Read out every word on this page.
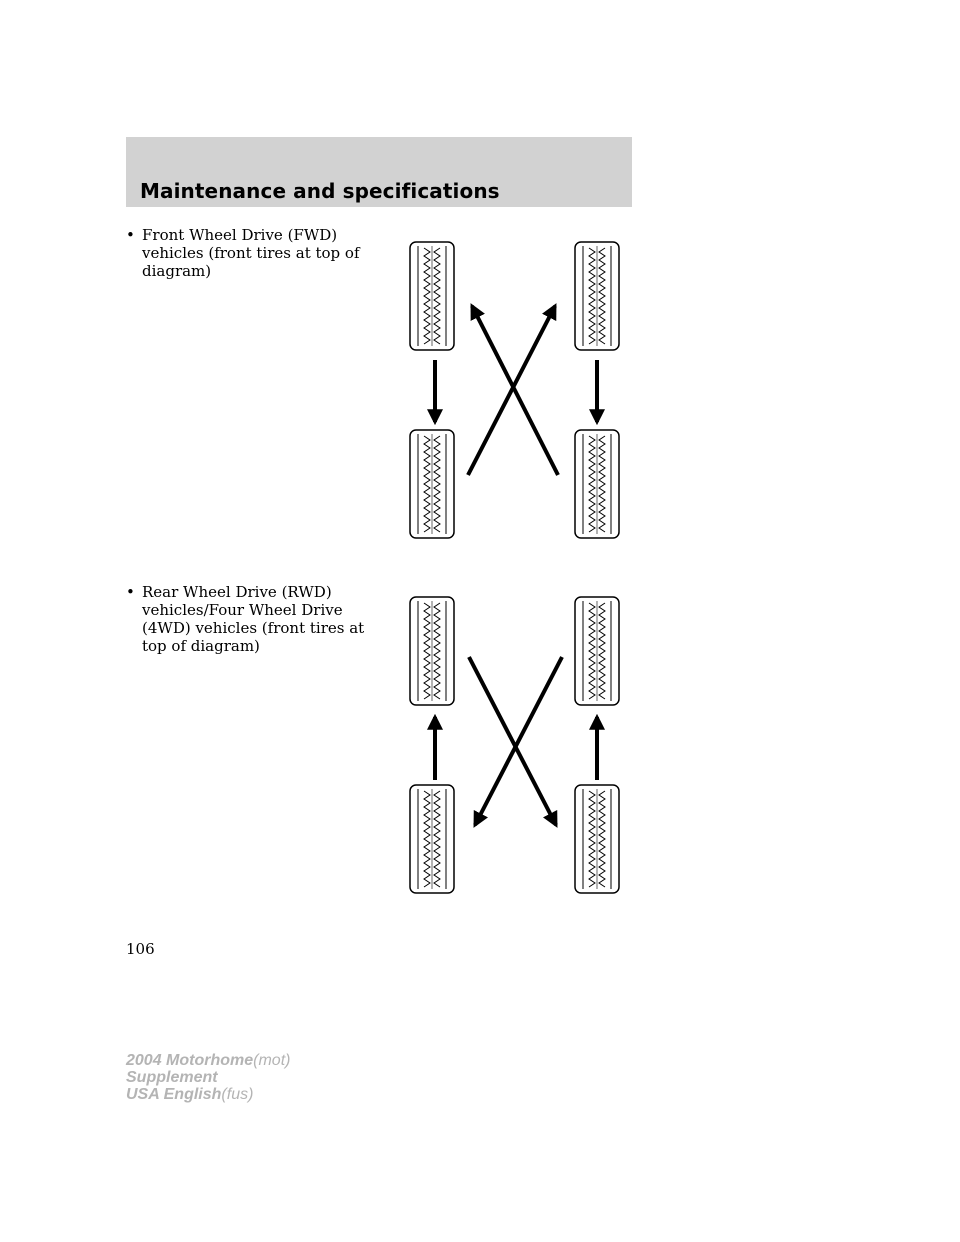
Maintenance and specifications
• Front Wheel Drive (FWD) vehicles (front tires at top of diagram)
• Rear Wheel Drive (RWD) vehicles/Four Wheel Drive (4WD) vehicles (front tires at top of diagram)
106
2004 Motorhome(mot)
Supplement
USA English(fus)
